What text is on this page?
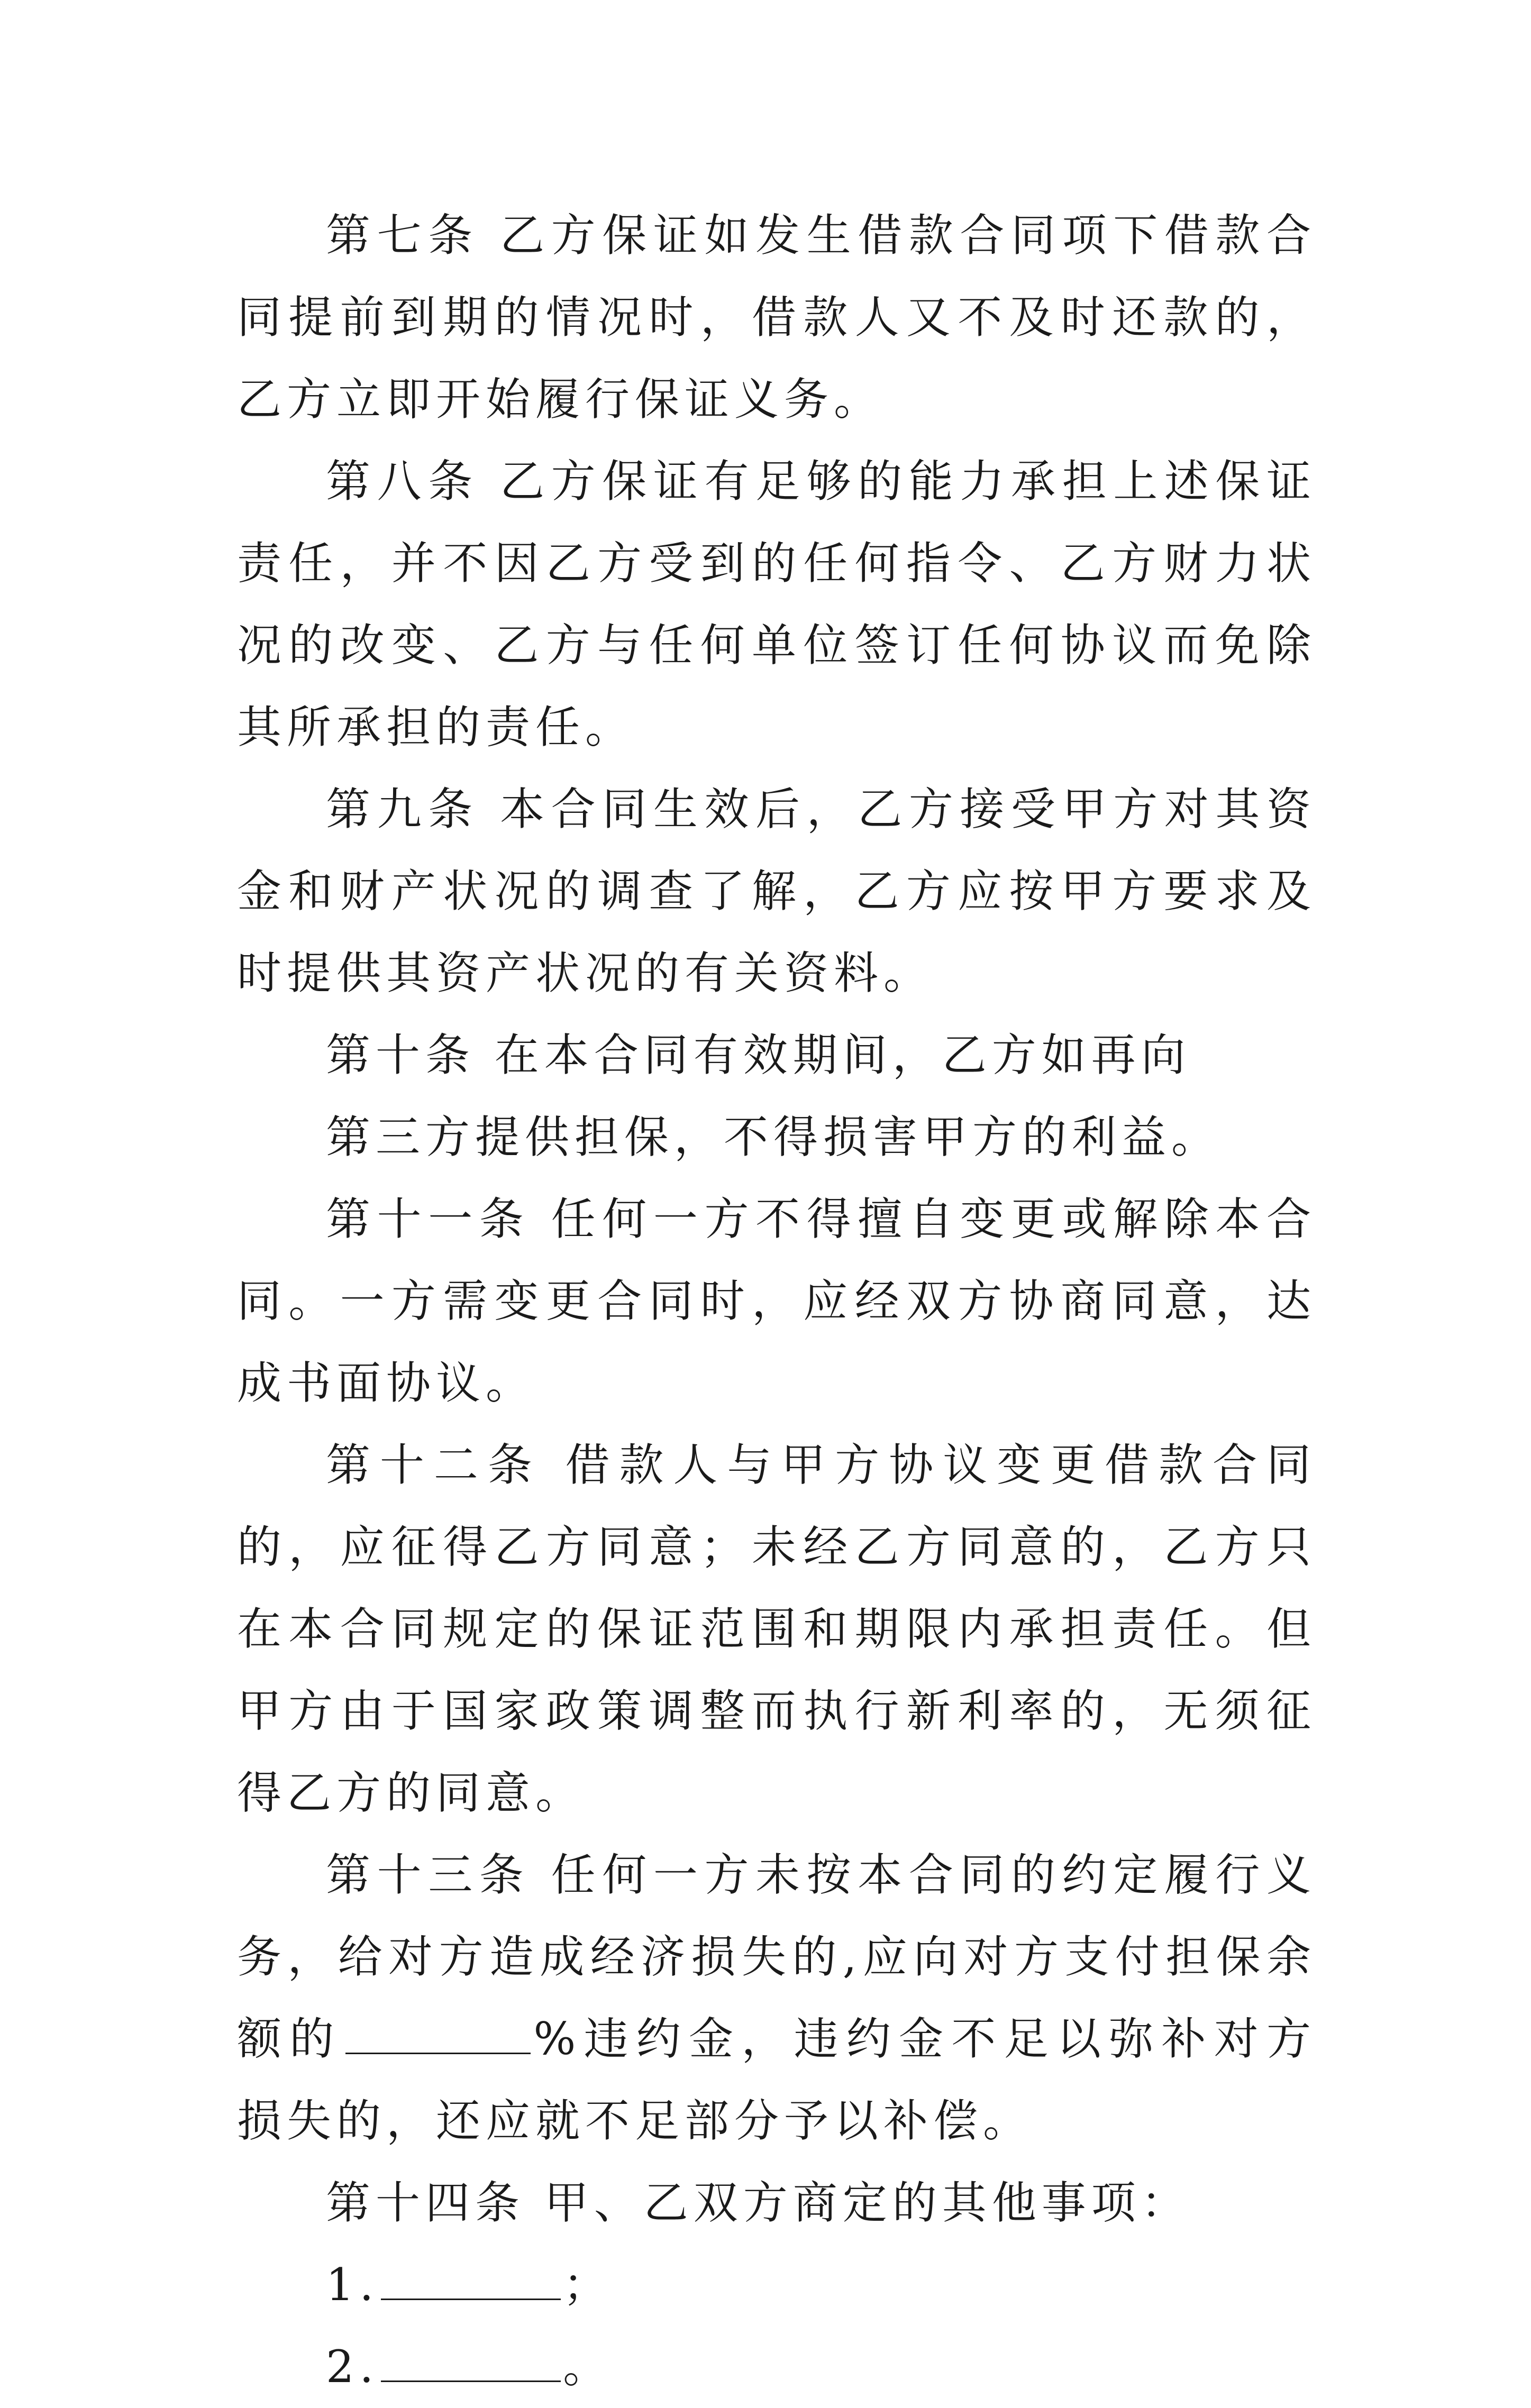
第七条 乙方保证如发生借款合同项下借款合同提前到期的情况时，借款人又不及时还款的，乙方立即开始履行保证义务。

第八条 乙方保证有足够的能力承担上述保证责任，并不因乙方受到的任何指令、乙方财力状况的改变、乙方与任何单位签订任何协议而免除其所承担的责任。

第九条 本合同生效后，乙方接受甲方对其资金和财产状况的调查了解，乙方应按甲方要求及时提供其资产状况的有关资料。

第十条 在本合同有效期间，乙方如再向

第三方提供担保，不得损害甲方的利益。

第十一条 任何一方不得擅自变更或解除本合同。一方需变更合同时，应经双方协商同意，达成书面协议。

第十二条 借款人与甲方协议变更借款合同的，应征得乙方同意；未经乙方同意的，乙方只在本合同规定的保证范围和期限内承担责任。但甲方由于国家政策调整而执行新利率的，无须征得乙方的同意。

第十三条 任何一方未按本合同的约定履行义务，给对方造成经济损失的,应向对方支付担保余额的	%违约金，违约金不足以弥补对方损失的，还应就不足部分予以补偿。

第十四条 甲、乙双方商定的其他事项：

1.	；

2.	。
